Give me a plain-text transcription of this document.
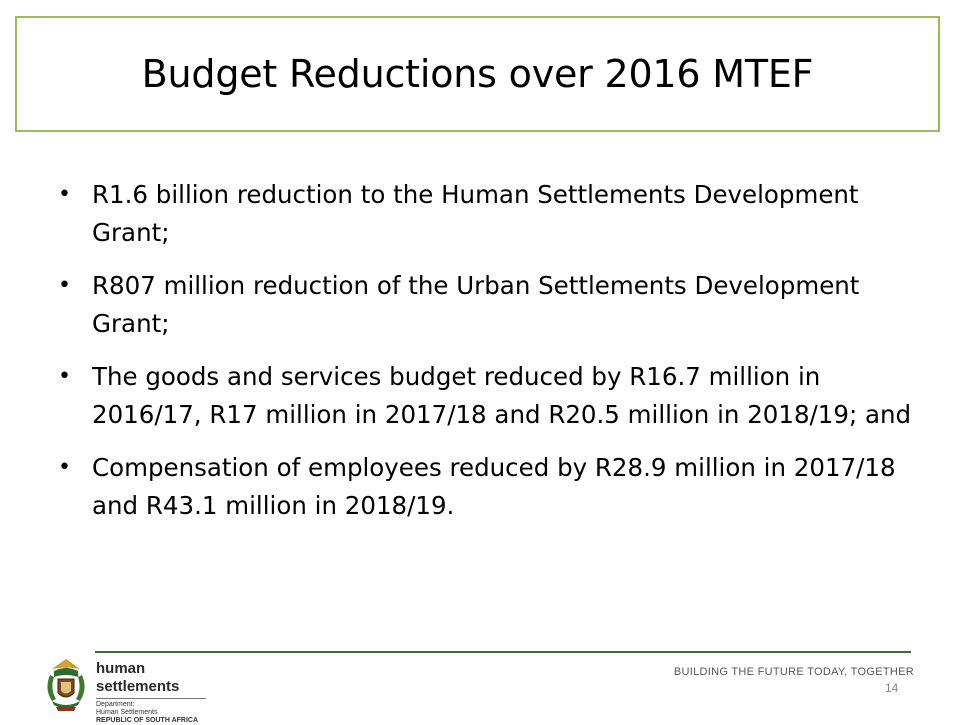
Budget Reductions over 2016 MTEF
• R1.6 billion reduction to the Human Settlements Development Grant;
• R807 million reduction of the Urban Settlements Development Grant;
• The goods and services budget reduced by R16.7 million in 2016/17, R17 million in 2017/18 and R20.5 million in 2018/19; and
• Compensation of employees reduced by R28.9 million in 2017/18 and R43.1 million in 2018/19.
human settlements
Department:
Human Settlements
REPUBLIC OF SOUTH AFRICA
BUILDING THE FUTURE TODAY, TOGETHER
14
